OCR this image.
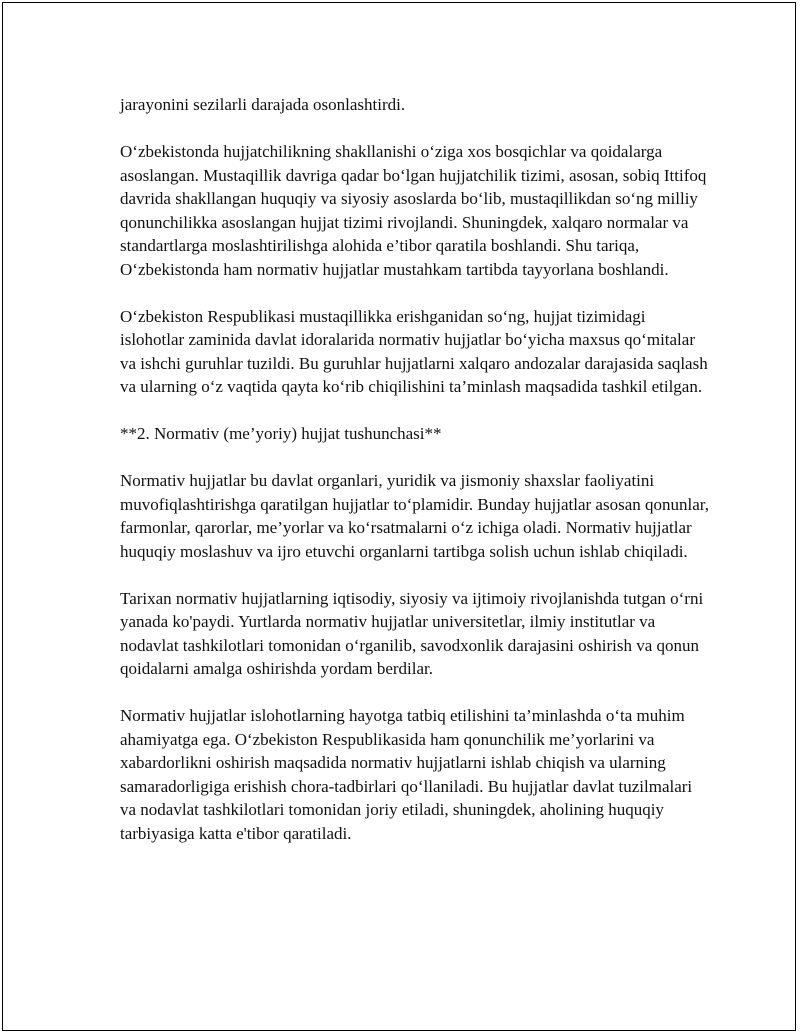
jarayonini sezilarli darajada osonlashtirdi.

O‘zbekistonda hujjatchilikning shakllanishi o‘ziga xos bosqichlar va qoidalarga asoslangan. Mustaqillik davriga qadar bo‘lgan hujjatchilik tizimi, asosan, sobiq Ittifoq davrida shakllangan huquqiy va siyosiy asoslarda bo‘lib, mustaqillikdan so‘ng milliy qonunchilikka asoslangan hujjat tizimi rivojlandi. Shuningdek, xalqaro normalar va standartlarga moslashtirilishga alohida e’tibor qaratila boshlandi. Shu tariqa, O‘zbekistonda ham normativ hujjatlar mustahkam tartibda tayyorlana boshlandi.

O‘zbekiston Respublikasi mustaqillikka erishganidan so‘ng, hujjat tizimidagi islohotlar zaminida davlat idoralarida normativ hujjatlar bo‘yicha maxsus qo‘mitalar va ishchi guruhlar tuzildi. Bu guruhlar hujjatlarni xalqaro andozalar darajasida saqlash va ularning o‘z vaqtida qayta ko‘rib chiqilishini ta’minlash maqsadida tashkil etilgan.

**2. Normativ (me’yoriy) hujjat tushunchasi**

Normativ hujjatlar bu davlat organlari, yuridik va jismoniy shaxslar faoliyatini muvofiqlashtirishga qaratilgan hujjatlar to‘plamidir. Bunday hujjatlar asosan qonunlar, farmonlar, qarorlar, me’yorlar va ko‘rsatmalarni o‘z ichiga oladi. Normativ hujjatlar huquqiy moslashuv va ijro etuvchi organlarni tartibga solish uchun ishlab chiqiladi.

Tarixan normativ hujjatlarning iqtisodiy, siyosiy va ijtimoiy rivojlanishda tutgan o‘rni yanada ko'paydi. Yurtlarda normativ hujjatlar universitetlar, ilmiy institutlar va nodavlat tashkilotlari tomonidan o‘rganilib, savodxonlik darajasini oshirish va qonun qoidalarni amalga oshirishda yordam berdilar.

Normativ hujjatlar islohotlarning hayotga tatbiq etilishini ta’minlashda o‘ta muhim ahamiyatga ega. O‘zbekiston Respublikasida ham qonunchilik me’yorlarini va xabardorlikni oshirish maqsadida normativ hujjatlarni ishlab chiqish va ularning samaradorligiga erishish chora-tadbirlari qo‘llaniladi. Bu hujjatlar davlat tuzilmalari va nodavlat tashkilotlari tomonidan joriy etiladi, shuningdek, aholining huquqiy tarbiyasiga katta e'tibor qaratiladi.
